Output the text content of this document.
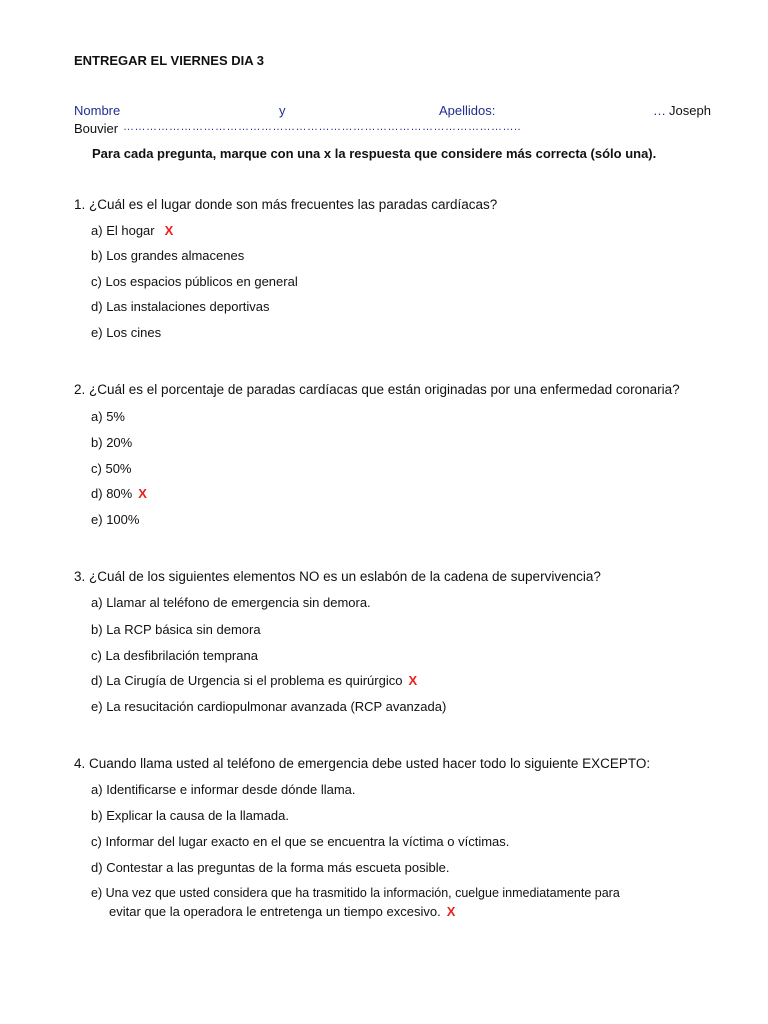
ENTREGAR EL VIERNES DIA 3
Nombre	y	Apellidos:	… Joseph
Bouvier …………………………………………………………………………………………..
Para cada pregunta, marque con una x la respuesta que considere más correcta (sólo una).
1. ¿Cuál es el lugar donde son más frecuentes las paradas cardíacas?
a) El hogar X
b) Los grandes almacenes
c) Los espacios públicos en general
d) Las instalaciones deportivas
e) Los cines
2. ¿Cuál es el porcentaje de paradas cardíacas que están originadas por una enfermedad coronaria?
a) 5%
b) 20%
c) 50%
d) 80% X
e) 100%
3. ¿Cuál de los siguientes elementos NO es un eslabón de la cadena de supervivencia?
a) Llamar al teléfono de emergencia sin demora.
b) La RCP básica sin demora
c) La desfibrilación temprana
d) La Cirugía de Urgencia si el problema es quirúrgico X
e) La resucitación cardiopulmonar avanzada (RCP avanzada)
4. Cuando llama usted al teléfono de emergencia debe usted hacer todo lo siguiente EXCEPTO:
a) Identificarse e informar desde dónde llama.
b) Explicar la causa de la llamada.
c) Informar del lugar exacto en el que se encuentra la víctima o víctimas.
d) Contestar a las preguntas de la forma más escueta posible.
e) Una vez que usted considera que ha trasmitido la información, cuelgue inmediatamente para
evitar que la operadora le entretenga un tiempo excesivo. X
